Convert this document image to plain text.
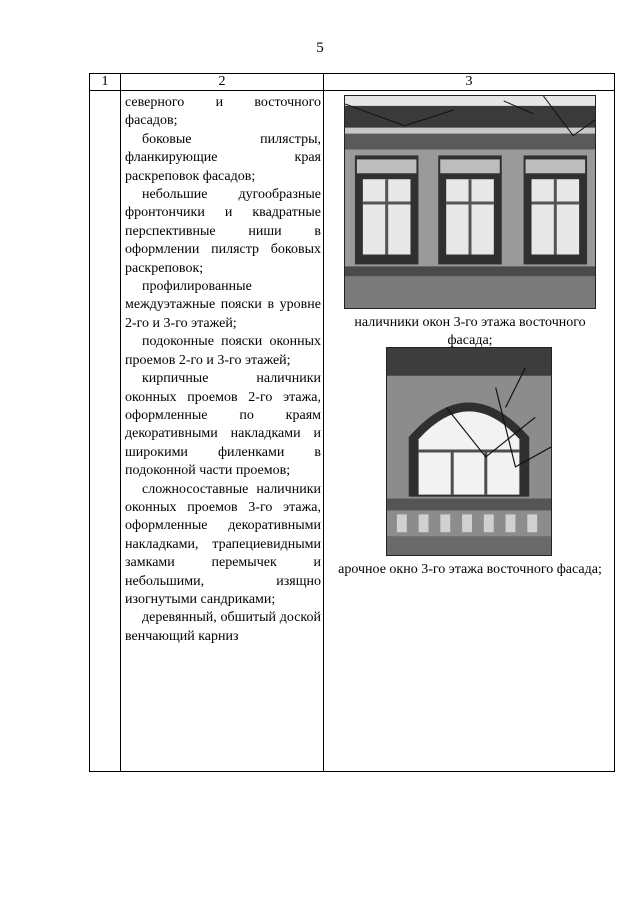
5
1	2	3

северного и восточного фасадов;

боковые пилястры, фланкирующие края раскреповок фасадов;

небольшие дугообразные фронтончики и квадратные перспективные ниши в оформлении пилястр боковых раскреповок;

профилированные междуэтажные пояски в уровне 2-го и 3-го этажей;

подоконные пояски оконных проемов 2-го и 3-го этажей;

кирпичные наличники оконных проемов 2-го этажа, оформленные по краям декоративными накладками и широкими филенками в подоконной части проемов;

сложносоставные наличники оконных проемов 3-го этажа, оформленные декоративными накладками, трапециевидными замками перемычек и небольшими, изящно изогнутыми сандриками;

деревянный, обшитый доской венчающий карниз

наличники окон 3-го этажа восточного фасада;
арочное окно 3-го этажа восточного фасада;
